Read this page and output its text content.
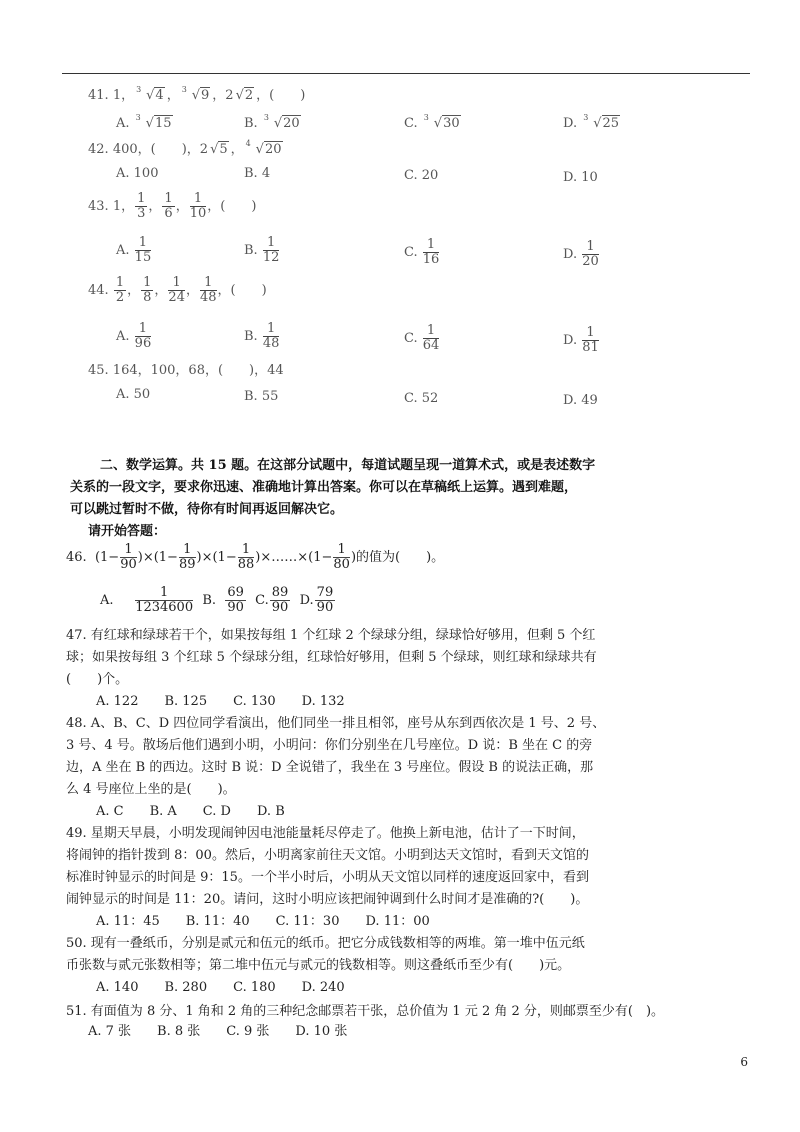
41. 1， 3 √ 4 ， 3 √ 9 ，2 √ 2 ，(　　)
A. 3 √ 15	B. 3 √ 20	C. 3 √ 30	D. 3 √ 25
42. 400，(　　)，2 √ 5 ， 4 √ 20
A. 100	B. 4	C. 20	D. 10
43. 1， $\frac{1}{3}$ ， $\frac{1}{6}$ ， $\frac{1}{10}$ ，(　　)
A. $\frac{1}{15}$	B. $\frac{1}{12}$	C. $\frac{1}{16}$	D. $\frac{1}{20}$
44. $\frac{1}{2}$ ， $\frac{1}{8}$ ， $\frac{1}{24}$ ， $\frac{1}{48}$ ，(　　)
A. $\frac{1}{96}$	B. $\frac{1}{48}$	C. $\frac{1}{64}$	D. $\frac{1}{81}$
45. 164，100，68，(　　)，44
A. 50	B. 55	C. 52	D. 49
二、数学运算。共 15 题。在这部分试题中，每道试题呈现一道算术式，或是表述数字
关系的一段文字，要求你迅速、准确地计算出答案。你可以在草稿纸上运算。遇到难题，
可以跳过暂时不做，待你有时间再返回解决它。
请开始答题：
46. $(1- \frac{1}{90} )\times(1- \frac{1}{89} )\times(1- \frac{1}{88}$ )×……×(1− $\frac{1}{80}$ )的值为(　　)。
A. $\frac{1}{1234600} B$. $\frac{69}{90} C$. $\frac{89}{90} D$. $\frac{79}{90}$
47. 有红球和绿球若干个，如果按每组 1 个红球 2 个绿球分组，绿球恰好够用，但剩 5 个红
球；如果按每组 3 个红球 5 个绿球分组，红球恰好够用，但剩 5 个绿球，则红球和绿球共有
(　　)个。
A. 122　　B. 125　　C. 130　　D. 132
48. A、B、C、D 四位同学看演出，他们同坐一排且相邻，座号从东到西依次是 1 号、2 号、
3 号、4 号。散场后他们遇到小明，小明问：你们分别坐在几号座位。D 说：B 坐在 C 的旁
边，A 坐在 B 的西边。这时 B 说：D 全说错了，我坐在 3 号座位。假设 B 的说法正确，那
么 4 号座位上坐的是(　　)。
A. C　　B. A　　C. D　　D. B
49. 星期天早晨，小明发现闹钟因电池能量耗尽停走了。他换上新电池，估计了一下时间，
将闹钟的指针拨到 8：00。然后，小明离家前往天文馆。小明到达天文馆时，看到天文馆的
标准时钟显示的时间是 9：15。一个半小时后，小明从天文馆以同样的速度返回家中，看到
闹钟显示的时间是 11：20。请问，这时小明应该把闹钟调到什么时间才是准确的?(　　)。
A. 11：45　　B. 11：40　　C. 11：30　　D. 11：00
50. 现有一叠纸币，分别是贰元和伍元的纸币。把它分成钱数相等的两堆。第一堆中伍元纸
币张数与贰元张数相等；第二堆中伍元与贰元的钱数相等。则这叠纸币至少有(　　)元。
A. 140　　B. 280　　C. 180　　D. 240
51. 有面值为 8 分、1 角和 2 角的三种纪念邮票若干张，总价值为 1 元 2 角 2 分，则邮票至少有(　)。
A. 7 张　　B. 8 张　　C. 9 张　　D. 10 张
6
